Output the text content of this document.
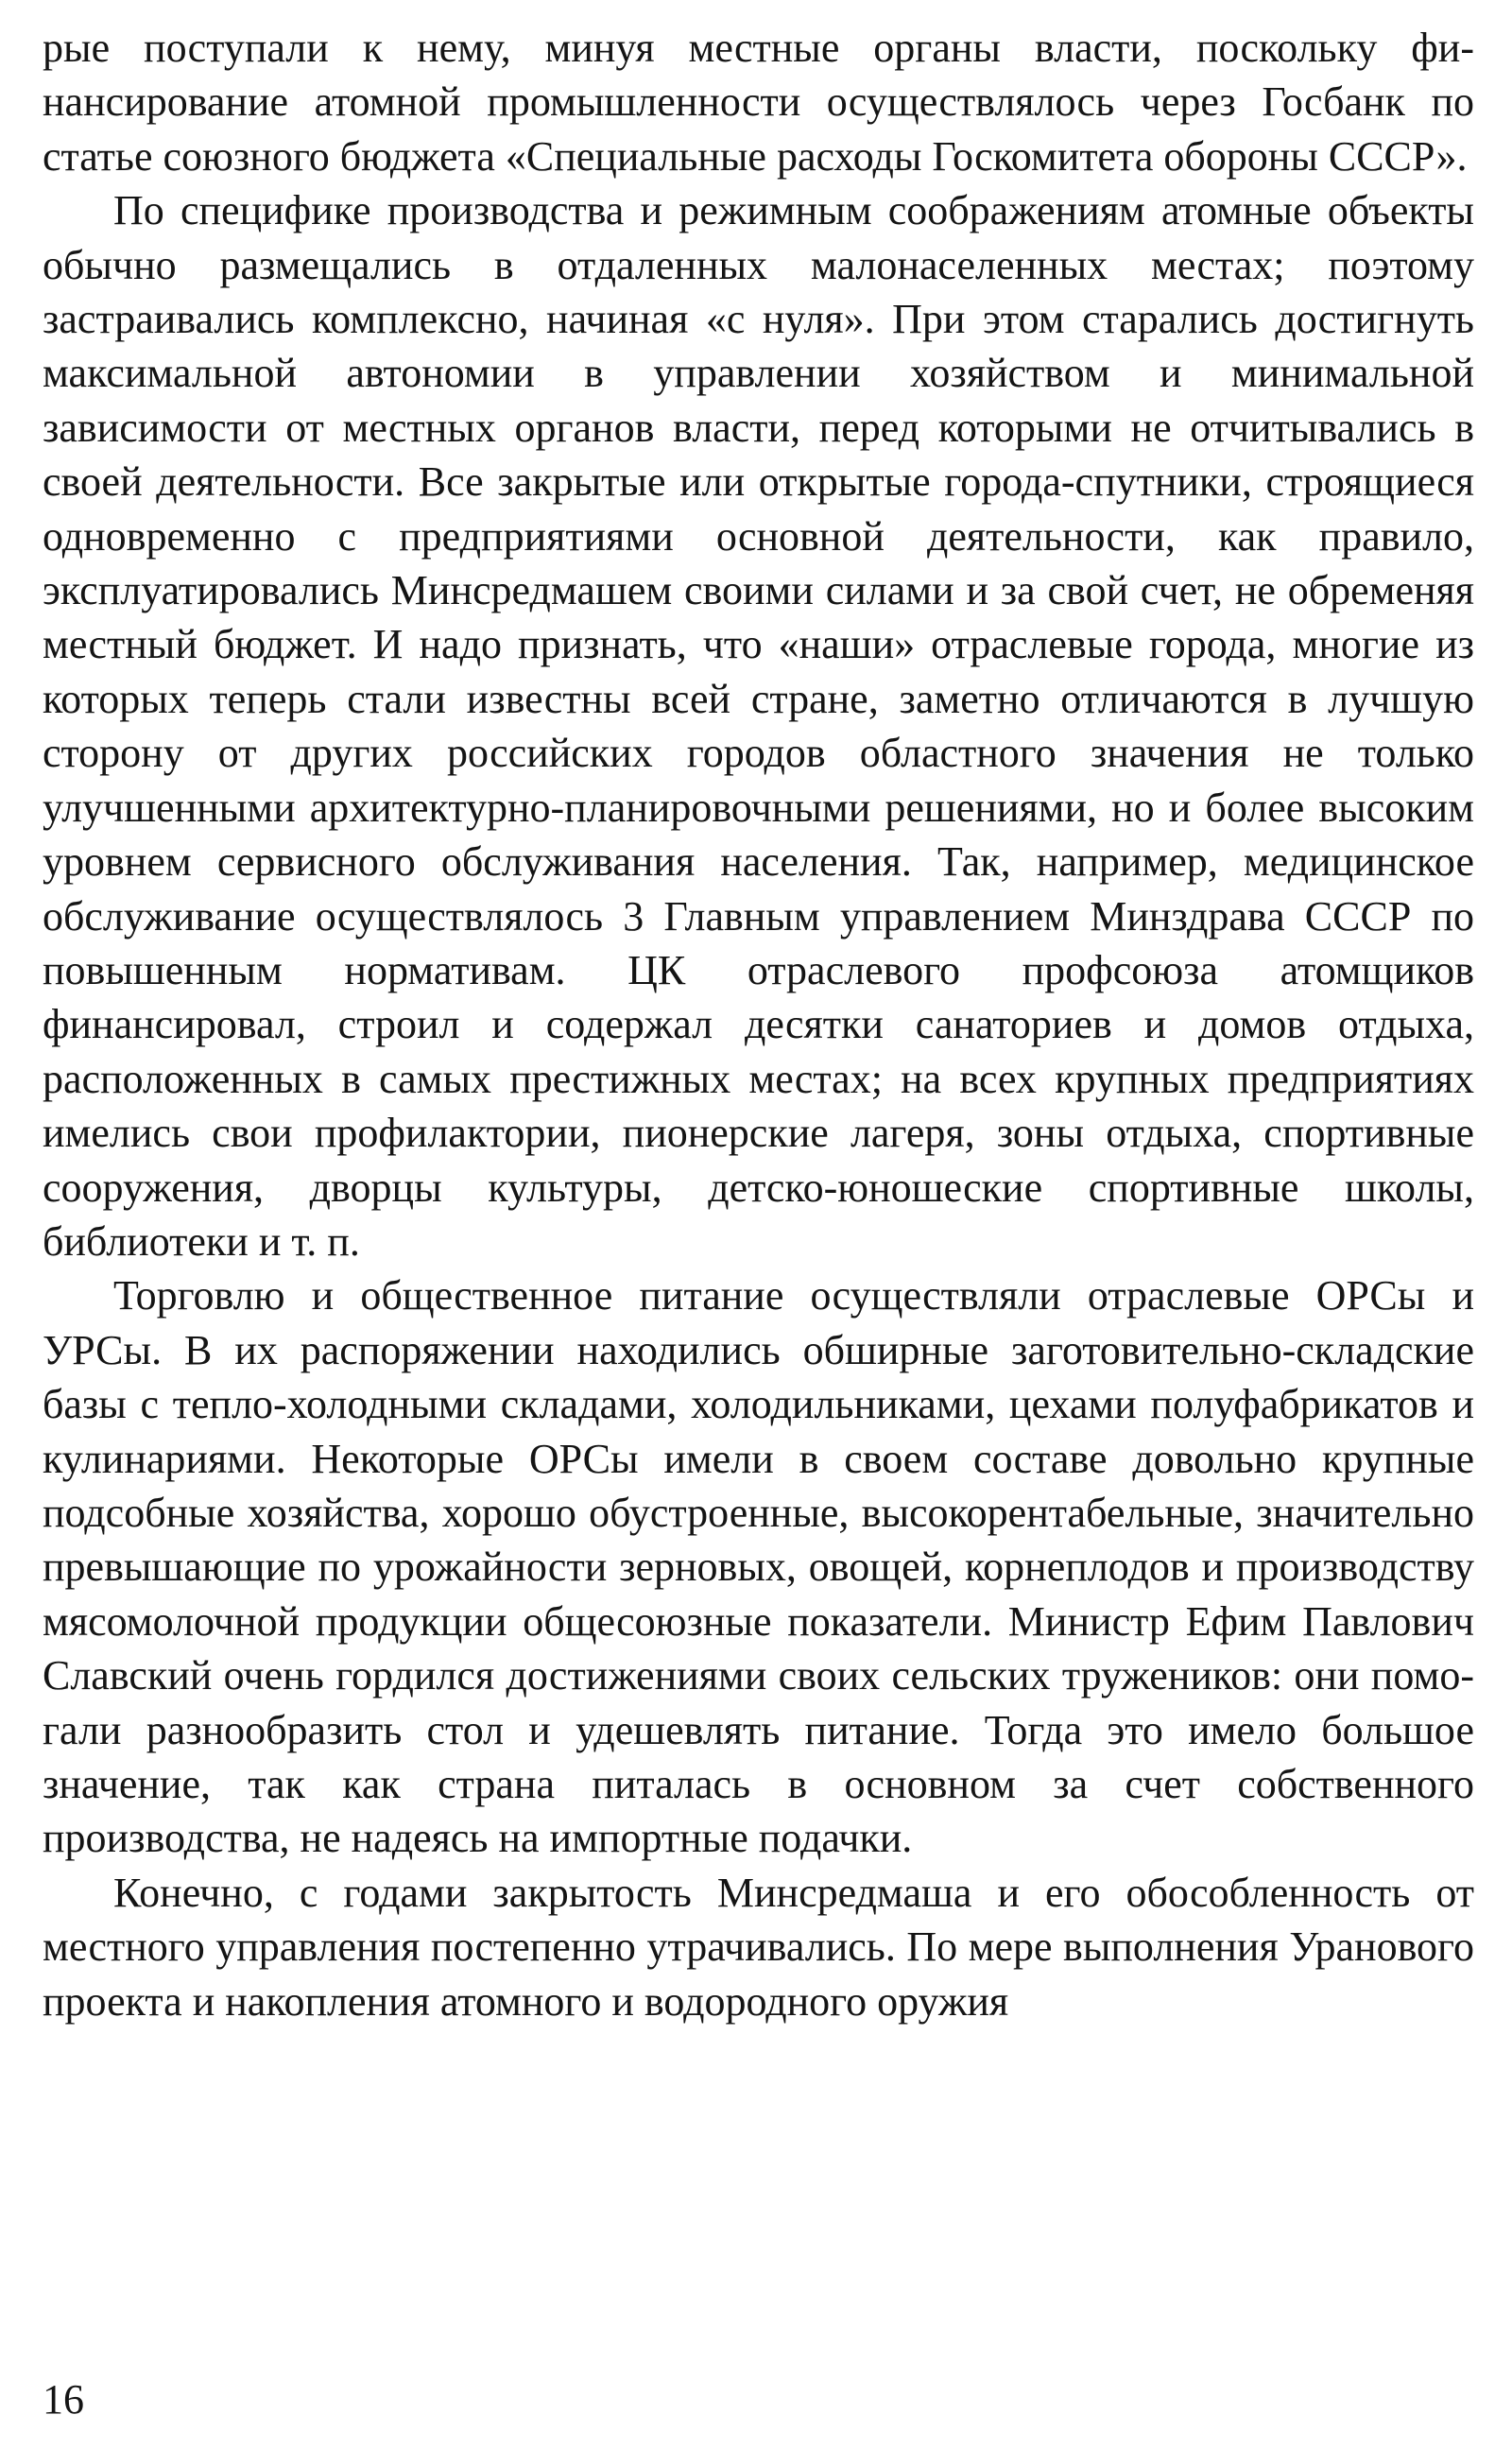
рые поступали к нему, минуя местные органы власти, поскольку финансирование атомной промышленности осуществлялось через Госбанк по статье союзного бюджета «Специальные расходы Госкомитета обороны СССР».

По специфике производства и режимным соображениям атомные объекты обычно размещались в отдаленных малонаселенных местах; поэтому застраивались комплексно, начиная «с нуля». При этом старались достигнуть максимальной автономии в управлении хозяйством и минимальной зависимости от местных органов власти, перед которыми не отчитывались в своей деятельности. Все закрытые или открытые города-спутники, строящиеся одновременно с предприятиями основной деятельности, как правило, эксплуатировались Минсредмашем своими силами и за свой счет, не обременяя местный бюджет. И надо признать, что «наши» отраслевые города, многие из которых теперь стали известны всей стране, заметно отличаются в лучшую сторону от других российских городов областного значения не только улучшенными архитектурно-планировочными решениями, но и более высоким уровнем сервисного обслуживания населения. Так, например, медицинское обслуживание осуществлялось 3 Главным управлением Минздрава СССР по повышенным нормативам. ЦК отраслевого профсоюза атомщиков финансировал, строил и содержал десятки санаториев и домов отдыха, расположенных в самых престижных местах; на всех крупных предприятиях имелись свои профилактории, пионерские лагеря, зоны отдыха, спортивные сооружения, дворцы культуры, детско-юношеские спортивные школы, библиотеки и т. п.

Торговлю и общественное питание осуществляли отраслевые ОРСы и УРСы. В их распоряжении находились обширные заготовительно-складские базы с тепло-холодными складами, холодильниками, цехами полуфабрикатов и кулинариями. Некоторые ОРСы имели в своем составе довольно крупные подсобные хозяйства, хорошо обустроенные, высокорентабельные, значительно превышающие по урожайности зерновых, овощей, корнеплодов и производству мясомолочной продукции общесоюзные показатели. Министр Ефим Павлович Славский очень гордился достижениями своих сельских тружеников: они помогали разнообразить стол и удешевлять питание. Тогда это имело большое значение, так как страна питалась в основном за счет собственного производства, не надеясь на импортные подачки.

Конечно, с годами закрытость Минсредмаша и его обособленность от местного управления постепенно утрачивались. По мере выполнения Уранового проекта и накопления атомного и водородного оружия

16
